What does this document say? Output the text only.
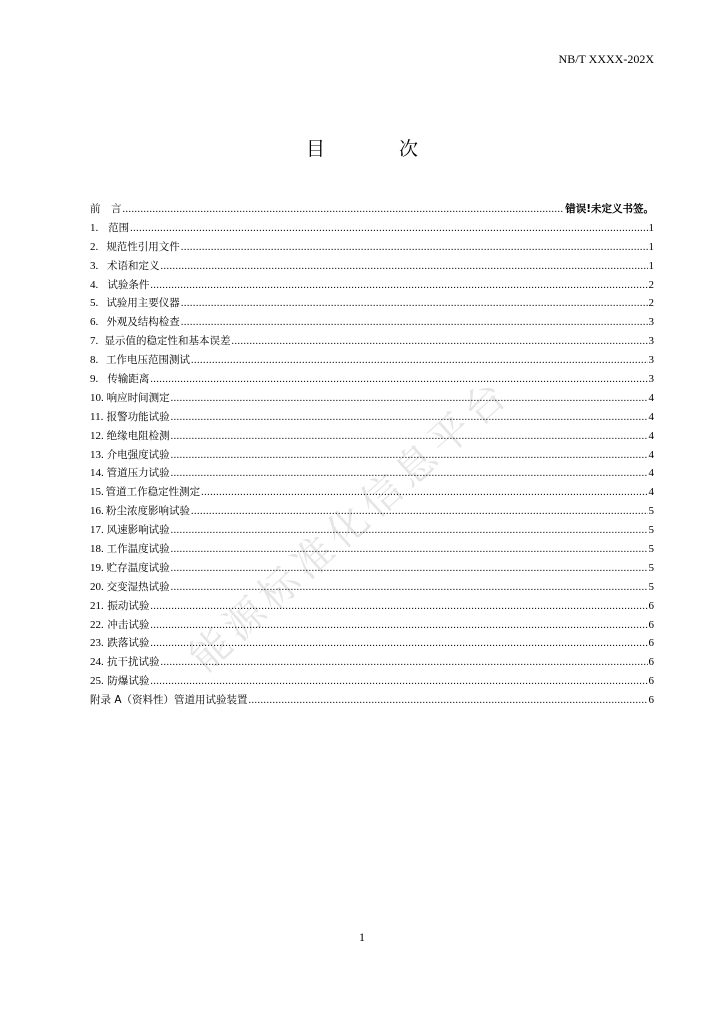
NB/T XXXX-202X
目 次
前　言 .....	错误!未定义书签。
1. 范围 .....	1
2. 规范性引用文件 .....	1
3. 术语和定义 .....	1
4. 试验条件 .....	2
5. 试验用主要仪器 .....	2
6. 外观及结构检查 .....	3
7. 显示值的稳定性和基本误差 .....	3
8. 工作电压范围测试 .....	3
9. 传输距离 .....	3
10. 响应时间测定 .....	4
11. 报警功能试验 .....	4
12. 绝缘电阻检测 .....	4
13. 介电强度试验 .....	4
14. 管道压力试验 .....	4
15. 管道工作稳定性测定 .....	4
16. 粉尘浓度影响试验 .....	5
17. 风速影响试验 .....	5
18. 工作温度试验 .....	5
19. 贮存温度试验 .....	5
20. 交变湿热试验 .....	5
21. 振动试验 .....	6
22. 冲击试验 .....	6
23. 跌落试验 .....	6
24. 抗干扰试验 .....	6
25. 防爆试验 .....	6
附录 A（资料性）管道用试验装置 .....	6
能源标准化信息平台
1
